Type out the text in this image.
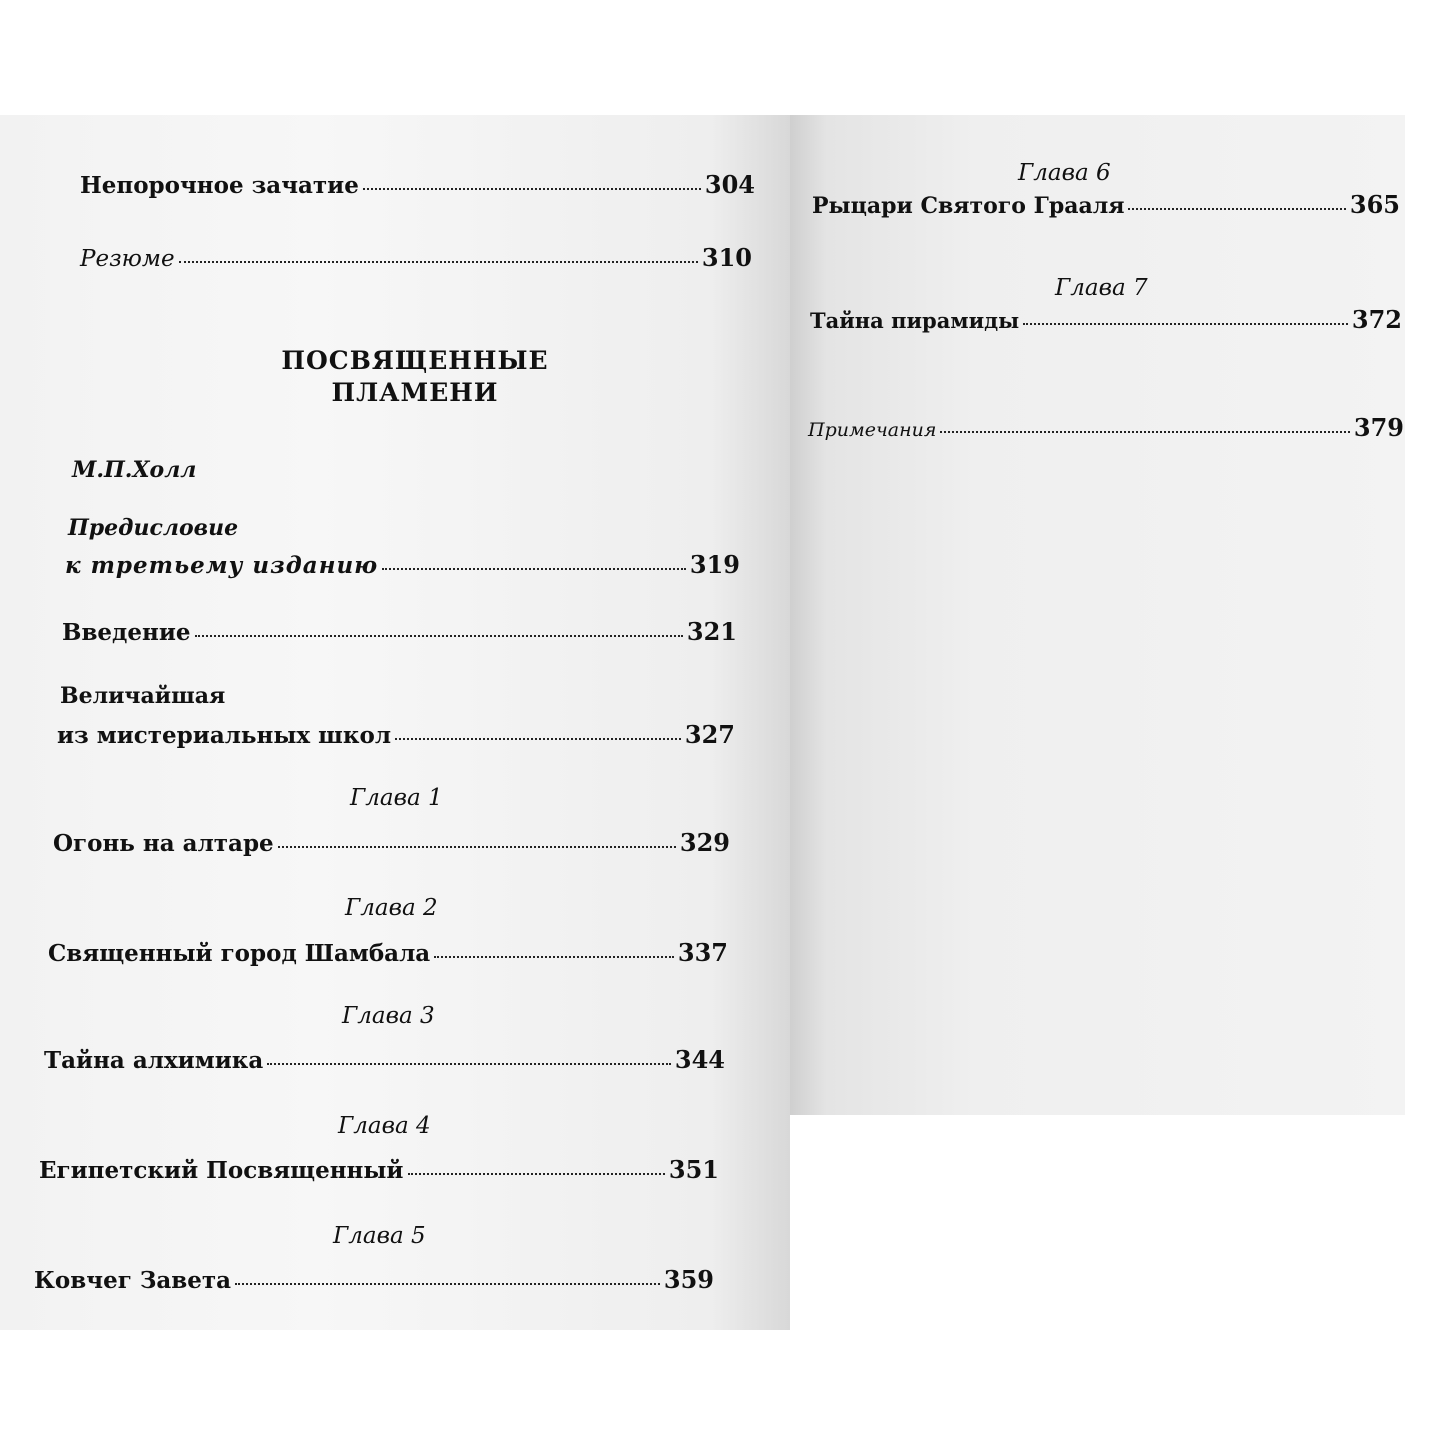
Непорочное зачатие	304
Резюме	310
ПОСВЯЩЕННЫЕ
ПЛАМЕНИ
М.П.Холл
Предисловие
к третьему изданию	319
Введение	321
Величайшая
из мистериальных школ	327
Глава 1
Огонь на алтаре	329
Глава 2
Священный город Шамбала	337
Глава 3
Тайна алхимика	344
Глава 4
Египетский Посвященный	351
Глава 5
Ковчег Завета	359
Глава 6
Рыцари Святого Грааля	365
Глава 7
Тайна пирамиды	372
Примечания	379
